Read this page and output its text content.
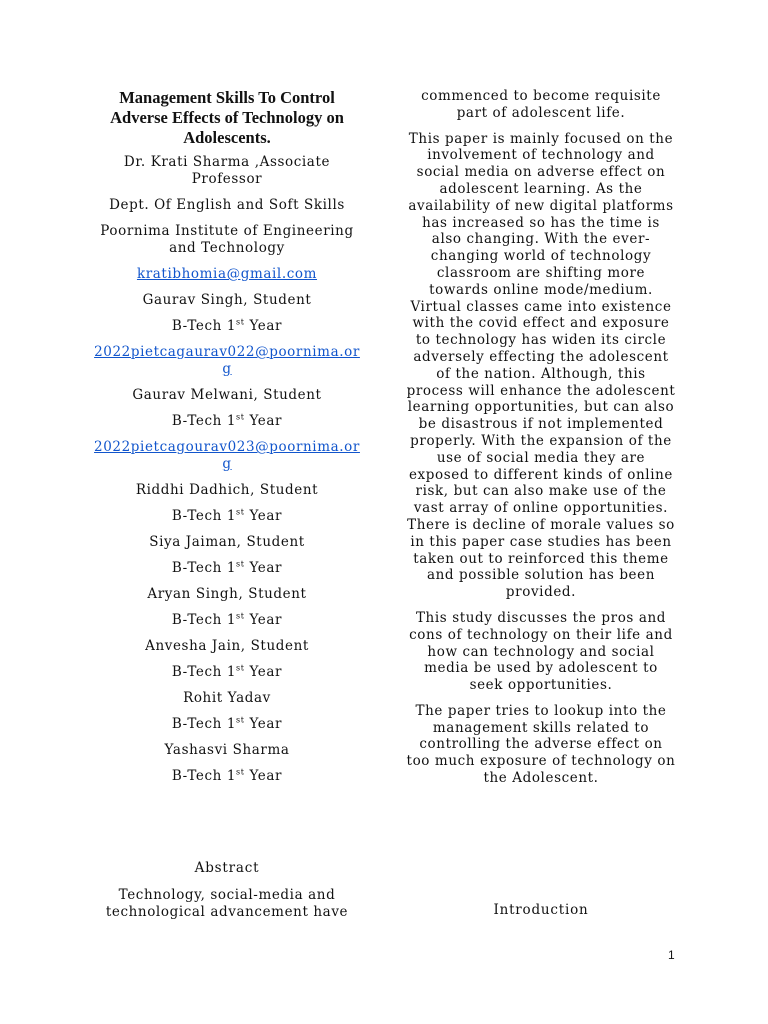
Management Skills To Control Adverse Effects of Technology on Adolescents.
Dr. Krati Sharma ,Associate Professor
Dept. Of English and Soft Skills
Poornima Institute of Engineering and Technology
kratibhomia@gmail.com
Gaurav Singh, Student
B-Tech 1st Year
2022pietcagaurav022@poornima.org
Gaurav Melwani, Student
B-Tech 1st Year
2022pietcagourav023@poornima.org
Riddhi Dadhich, Student
B-Tech 1st Year
Siya Jaiman, Student
B-Tech 1st Year
Aryan Singh, Student
B-Tech 1st Year
Anvesha Jain, Student
B-Tech 1st Year
Rohit Yadav
B-Tech 1st Year
Yashasvi Sharma
B-Tech 1st Year
Abstract
Technology, social-media and technological advancement have
commenced to become requisite part of adolescent life.
This paper is mainly focused on the involvement of technology and social media on adverse effect on adolescent learning. As the availability of new digital platforms has increased so has the time is also changing. With the ever-changing world of technology classroom are shifting more towards online mode/medium. Virtual classes came into existence with the covid effect and exposure to technology has widen its circle adversely effecting the adolescent of the nation. Although, this process will enhance the adolescent learning opportunities, but can also be disastrous if not implemented properly. With the expansion of the use of social media they are exposed to different kinds of online risk, but can also make use of the vast array of online opportunities. There is decline of morale values so in this paper case studies has been taken out to reinforced this theme and possible solution has been provided.
This study discusses the pros and cons of technology on their life and how can technology and social media be used by adolescent to seek opportunities.
The paper tries to lookup into the management skills related to controlling the adverse effect on too much exposure of technology on the Adolescent.
Introduction
1
